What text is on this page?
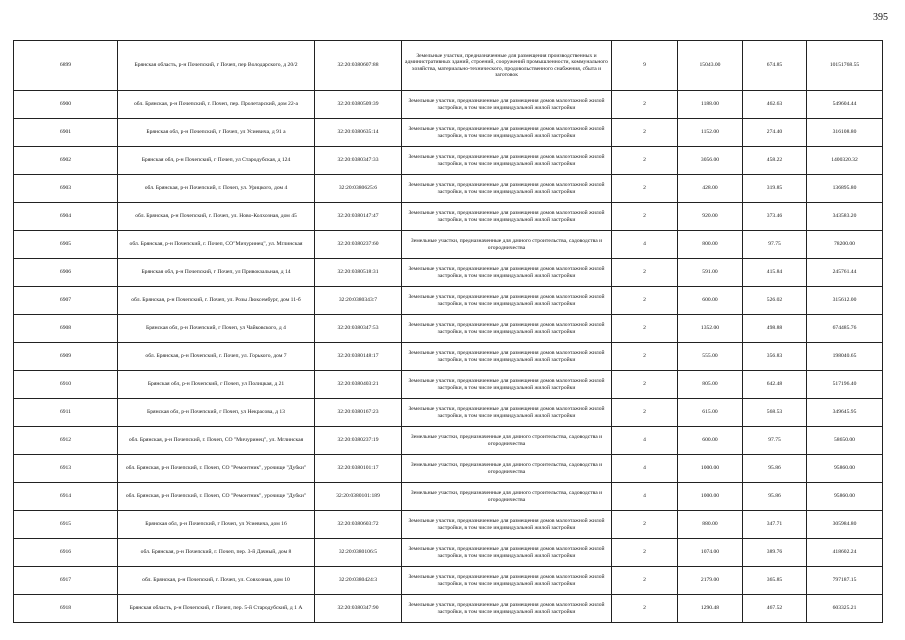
395
6899	Брянская область, р-н Почепский, г Почеп, пер Володарского, д 20/2	32:20:0380607:88	Земельные участки, предназначенные для размещения производственных и административных зданий, строений, сооружений промышленности, коммунального хозяйства, материально-технического, продовольственного снабжения, сбыта и заготовок	9	15043.00	674.85	10151768.55
6900	обл. Брянская, р-н Почепский, г. Почеп, пер. Пролетарский, дом 22-а	32:20:0380509:39	Земельные участки, предназначенные для размещения домов малоэтажной жилой застройки, в том числе индивидуальной жилой застройки	2	1188.00	462.63	549604.44
6901	Брянская обл, р-н Почепский, г Почеп, ул Усиевича, д 91 а	32:20:0380635:14	Земельные участки, предназначенные для размещения домов малоэтажной жилой застройки, в том числе индивидуальной жилой застройки	2	1152.00	274.40	316108.80
6902	Брянская обл, р-н Почепский, г Почеп, ул Стародубская, д 124	32:20:0380347:33	Земельные участки, предназначенные для размещения домов малоэтажной жилой застройки, в том числе индивидуальной жилой застройки	2	3056.00	458.22	1400320.32
6903	обл. Брянская, р-н Почепский, г. Почеп, ул. Урицкого, дом 4	32:20:0380625:6	Земельные участки, предназначенные для размещения домов малоэтажной жилой застройки, в том числе индивидуальной жилой застройки	2	428.00	319.85	136895.80
6904	обл. Брянская, р-н Почепский, г. Почеп, ул. Ново-Колхозная, дом 45	32:20:0380147:47	Земельные участки, предназначенные для размещения домов малоэтажной жилой застройки, в том числе индивидуальной жилой застройки	2	920.00	373.46	343583.20
6905	обл. Брянская, р-н Почепский, г. Почеп, СО"Мичуринец", ул. Мглинская	32:20:0380237:60	Земельные участки, предназначенные для дачного строительства, садоводства и огородничества	4	800.00	97.75	78200.00
6906	Брянская обл, р-н Почепский, г Почеп, ул Привокзальная, д 14	32:20:0380518:31	Земельные участки, предназначенные для размещения домов малоэтажной жилой застройки, в том числе индивидуальной жилой застройки	2	591.00	415.84	245761.44
6907	обл. Брянская, р-н Почепский, г. Почеп, ул. Розы Люксембург, дом 11-б	32:20:0380343:7	Земельные участки, предназначенные для размещения домов малоэтажной жилой застройки, в том числе индивидуальной жилой застройки	2	600.00	526.02	315612.00
6908	Брянская обл, р-н Почепский, г Почеп, ул Чайковского, д 4	32:20:0380347:53	Земельные участки, предназначенные для размещения домов малоэтажной жилой застройки, в том числе индивидуальной жилой застройки	2	1352.00	498.88	674485.76
6909	обл. Брянская, р-н Почепский, г. Почеп, ул. Горького, дом 7	32:20:0380148:17	Земельные участки, предназначенные для размещения домов малоэтажной жилой застройки, в том числе индивидуальной жилой застройки	2	555.00	356.83	198040.65
6910	Брянская обл, р-н Почепский, г Почеп, ул Полицкая, д 21	32:20:0380403:21	Земельные участки, предназначенные для размещения домов малоэтажной жилой застройки, в том числе индивидуальной жилой застройки	2	805.00	642.48	517196.40
6911	Брянская обл, р-н Почепский, г Почеп, ул Некрасова, д 13	32:20:0380167:23	Земельные участки, предназначенные для размещения домов малоэтажной жилой застройки, в том числе индивидуальной жилой застройки	2	615.00	568.53	349645.95
6912	обл. Брянская, р-н Почепский, г. Почеп, СО "Мичуринец", ул. Мглинская	32:20:0380237:19	Земельные участки, предназначенные для дачного строительства, садоводства и огородничества	4	600.00	97.75	58650.00
6913	обл. Брянская, р-н Почепский, г. Почеп, СО "Ремонтник", урочище "Дубки"	32:20:0380101:17	Земельные участки, предназначенные для дачного строительства, садоводства и огородничества	4	1000.00	95.86	95860.00
6914	обл. Брянская, р-н Почепский, г. Почеп, СО "Ремонтник", урочище "Дубки"	32:20:0380101:189	Земельные участки, предназначенные для дачного строительства, садоводства и огородничества	4	1000.00	95.86	95860.00
6915	Брянская обл, р-н Почепский, г Почеп, ул Усиевича, дом 16	32:20:0380603:72	Земельные участки, предназначенные для размещения домов малоэтажной жилой застройки, в том числе индивидуальной жилой застройки	2	880.00	347.71	305984.80
6916	обл. Брянская, р-н Почепский, г. Почеп, пер. 3-й Дачный, дом 8	32:20:0380106:5	Земельные участки, предназначенные для размещения домов малоэтажной жилой застройки, в том числе индивидуальной жилой застройки	2	1074.00	389.76	418602.24
6917	обл. Брянская, р-н Почепский, г. Почеп, ул. Совхозная, дом 10	32:20:0380424:3	Земельные участки, предназначенные для размещения домов малоэтажной жилой застройки, в том числе индивидуальной жилой застройки	2	2179.00	365.85	797187.15
6918	Брянская область, р-н Почепский, г Почеп, пер. 5-й Стародубский, д 1 А	32:20:0380347:90	Земельные участки, предназначенные для размещения домов малоэтажной жилой застройки, в том числе индивидуальной жилой застройки	2	1290.48	467.52	603325.21
